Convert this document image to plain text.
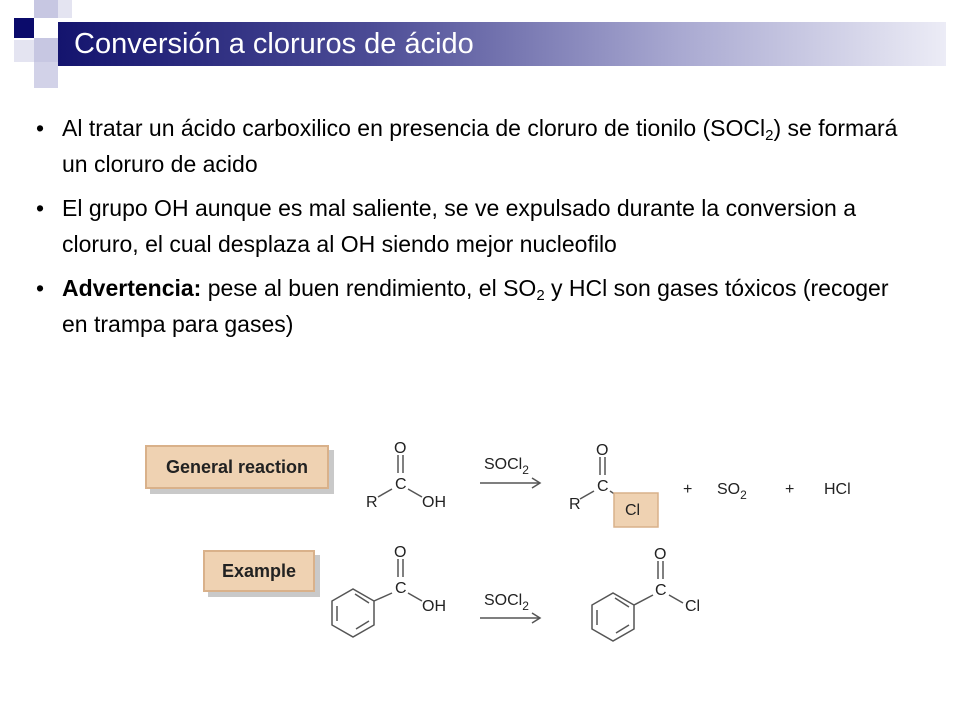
Conversión a cloruros de ácido
• Al tratar un ácido carboxilico en presencia de cloruro de tionilo (SOCl$_2$) se formará un cloruro de acido
• El grupo OH aunque es mal saliente, se ve expulsado durante la conversion a cloruro, el cual desplaza al OH siendo mejor nucleofilo
• Advertencia: pese al buen rendimiento, el $SO_2$ y HCl son gases tóxicos (recoger en trampa para gases)
General reaction
Example
O
C
R	OH
SOCl$_2$
O
C
R	Cl
+ $SO_2$ + HCl
O
C
OH SOCl$_2$
O
C
Cl
